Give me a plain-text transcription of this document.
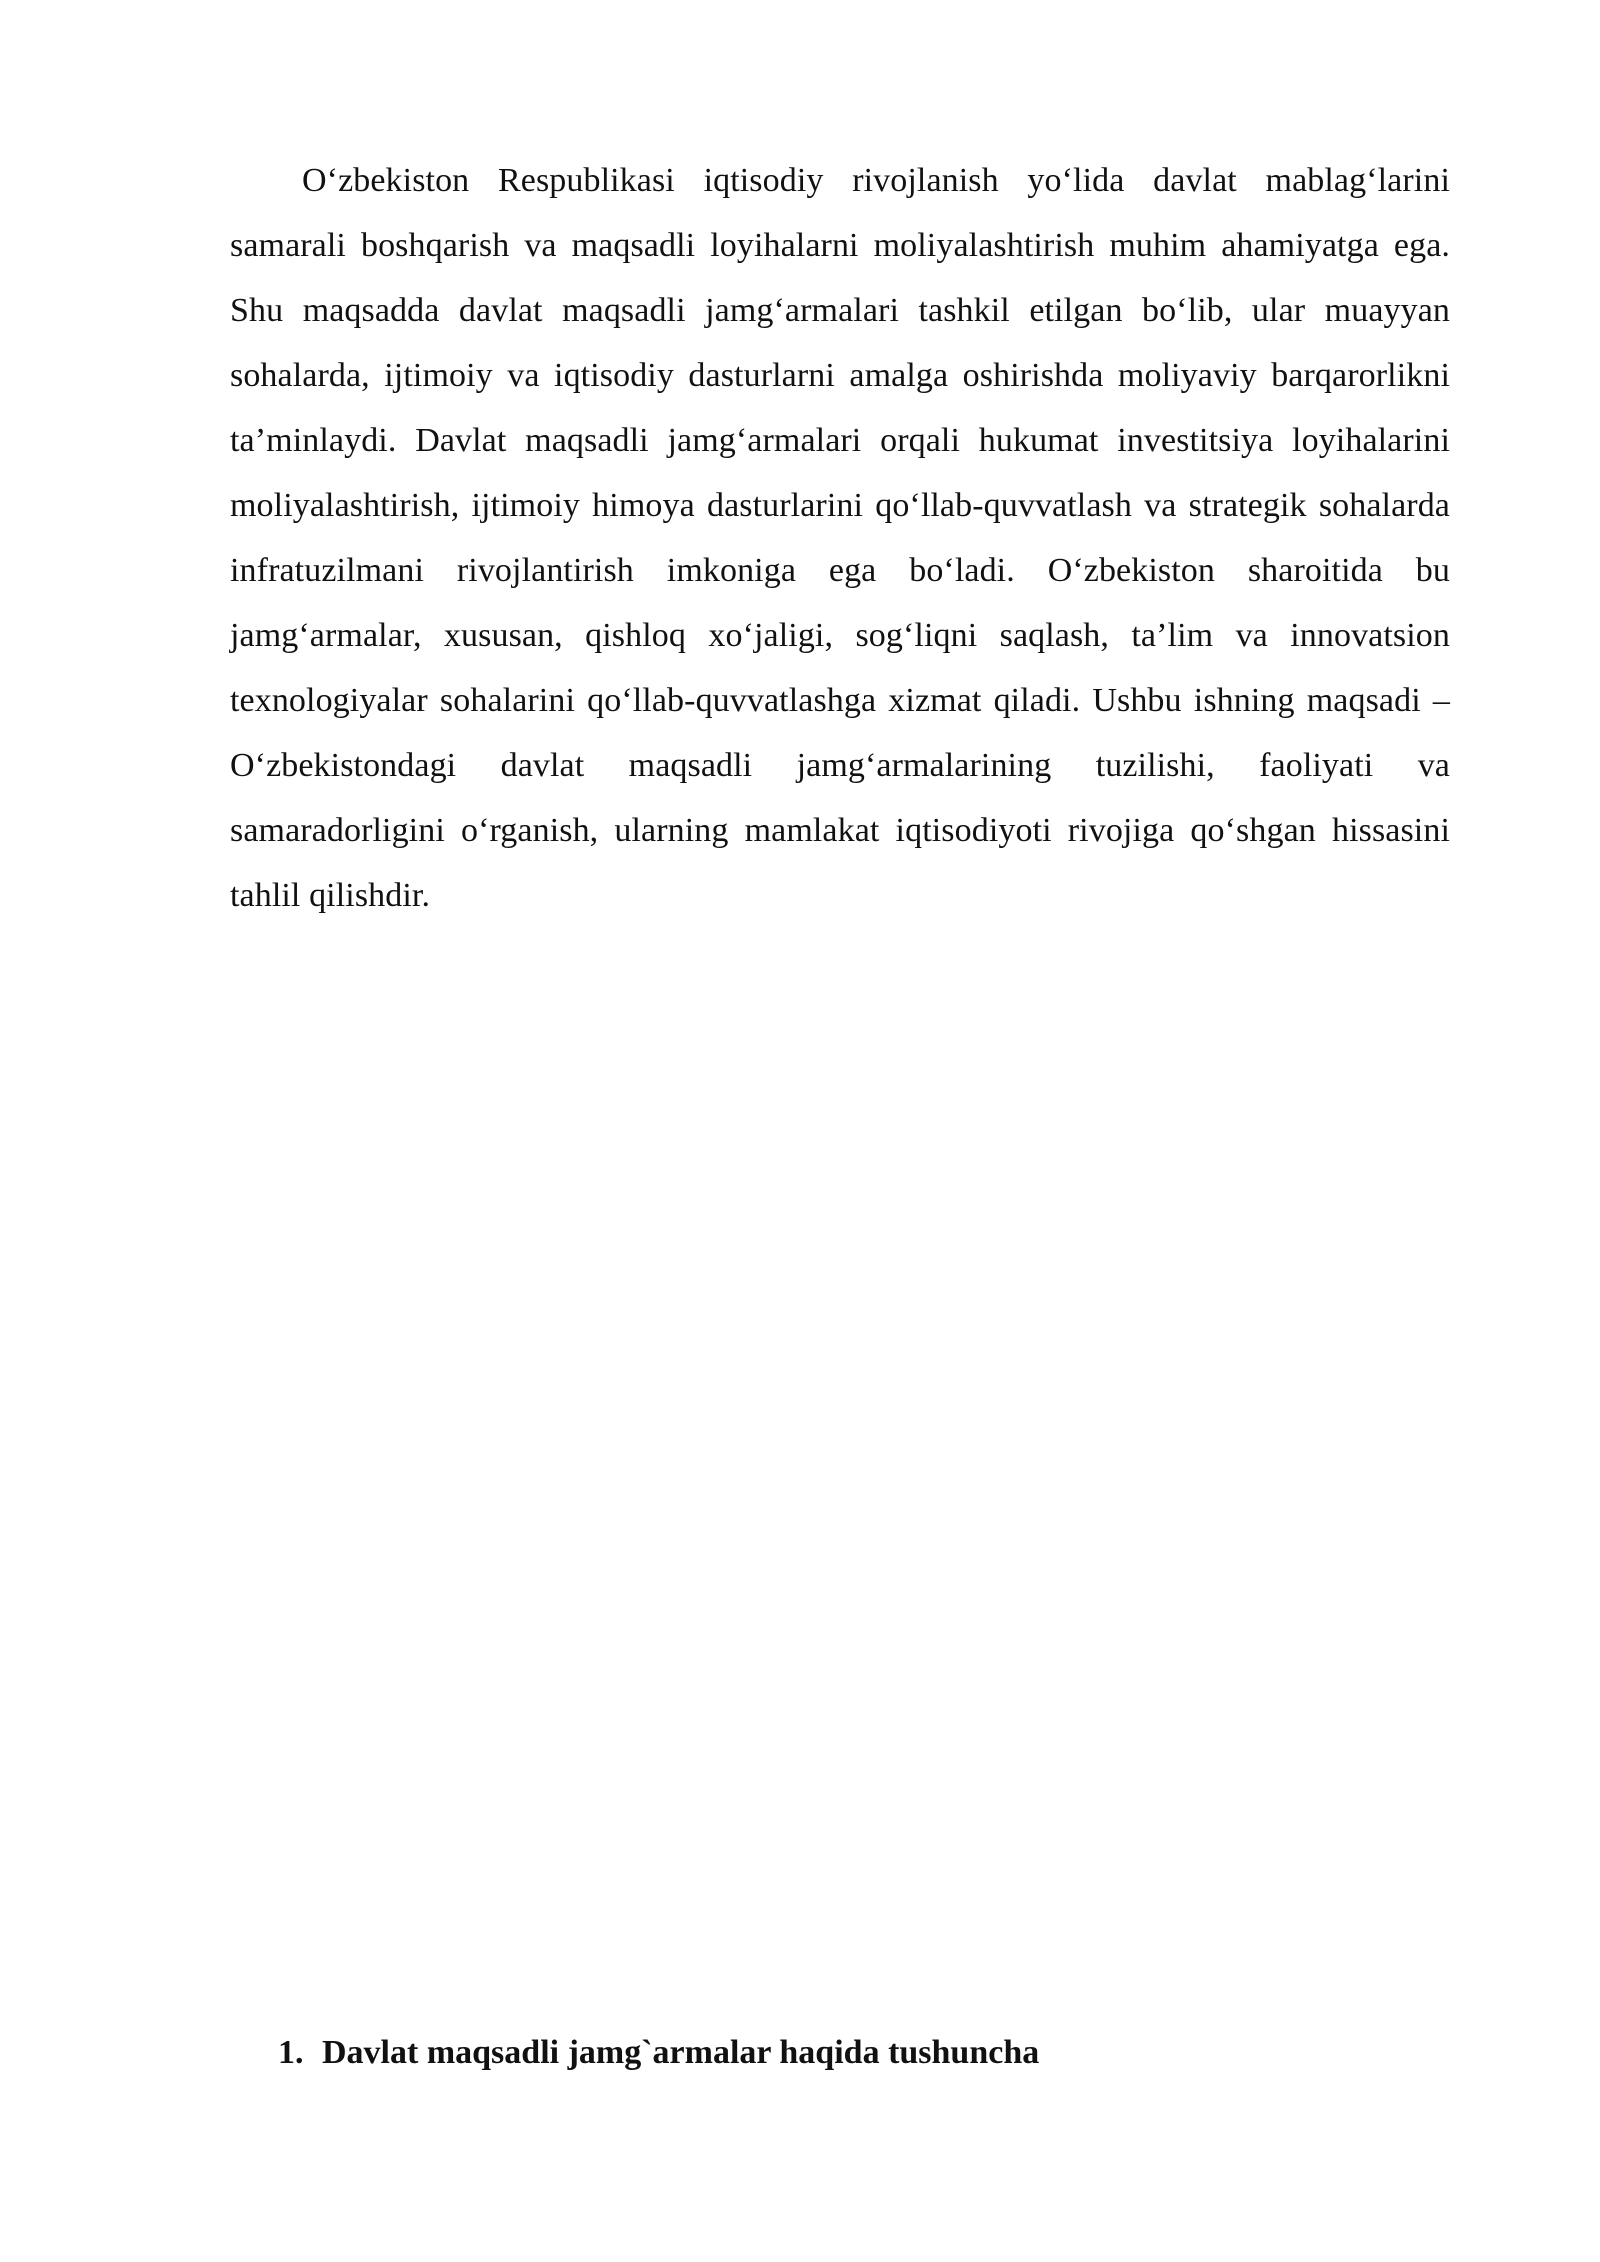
O‘zbekiston Respublikasi iqtisodiy rivojlanish yo‘lida davlat mablag‘larini samarali boshqarish va maqsadli loyihalarni moliyalashtirish muhim ahamiyatga ega. Shu maqsadda davlat maqsadli jamg‘armalari tashkil etilgan bo‘lib, ular muayyan sohalarda, ijtimoiy va iqtisodiy dasturlarni amalga oshirishda moliyaviy barqarorlikni ta’minlaydi. Davlat maqsadli jamg‘armalari orqali hukumat investitsiya loyihalarini moliyalashtirish, ijtimoiy himoya dasturlarini qo‘llab-quvvatlash va strategik sohalarda infratuzilmani rivojlantirish imkoniga ega bo‘ladi. O‘zbekiston sharoitida bu jamg‘armalar, xususan, qishloq xo‘jaligi, sog‘liqni saqlash, ta’lim va innovatsion texnologiyalar sohalarini qo‘llab-quvvatlashga xizmat qiladi. Ushbu ishning maqsadi – O‘zbekistondagi davlat maqsadli jamg‘armalarining tuzilishi, faoliyati va samaradorligini o‘rganish, ularning mamlakat iqtisodiyoti rivojiga qo‘shgan hissasini tahlil qilishdir.

1. Davlat maqsadli jamg`armalar haqida tushuncha
